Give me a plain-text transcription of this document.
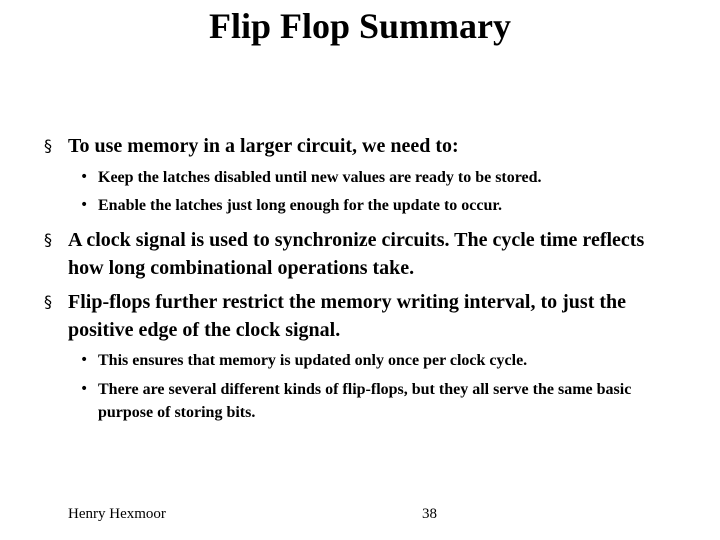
Flip Flop Summary
§ To use memory in a larger circuit, we need to:
• Keep the latches disabled until new values are ready to be stored.
• Enable the latches just long enough for the update to occur.
§ A clock signal is used to synchronize circuits. The cycle time reflects how long combinational operations take.
§ Flip-flops further restrict the memory writing interval, to just the positive edge of the clock signal.
• This ensures that memory is updated only once per clock cycle.
• There are several different kinds of flip-flops, but they all serve the same basic purpose of storing bits.

Henry Hexmoor	38
